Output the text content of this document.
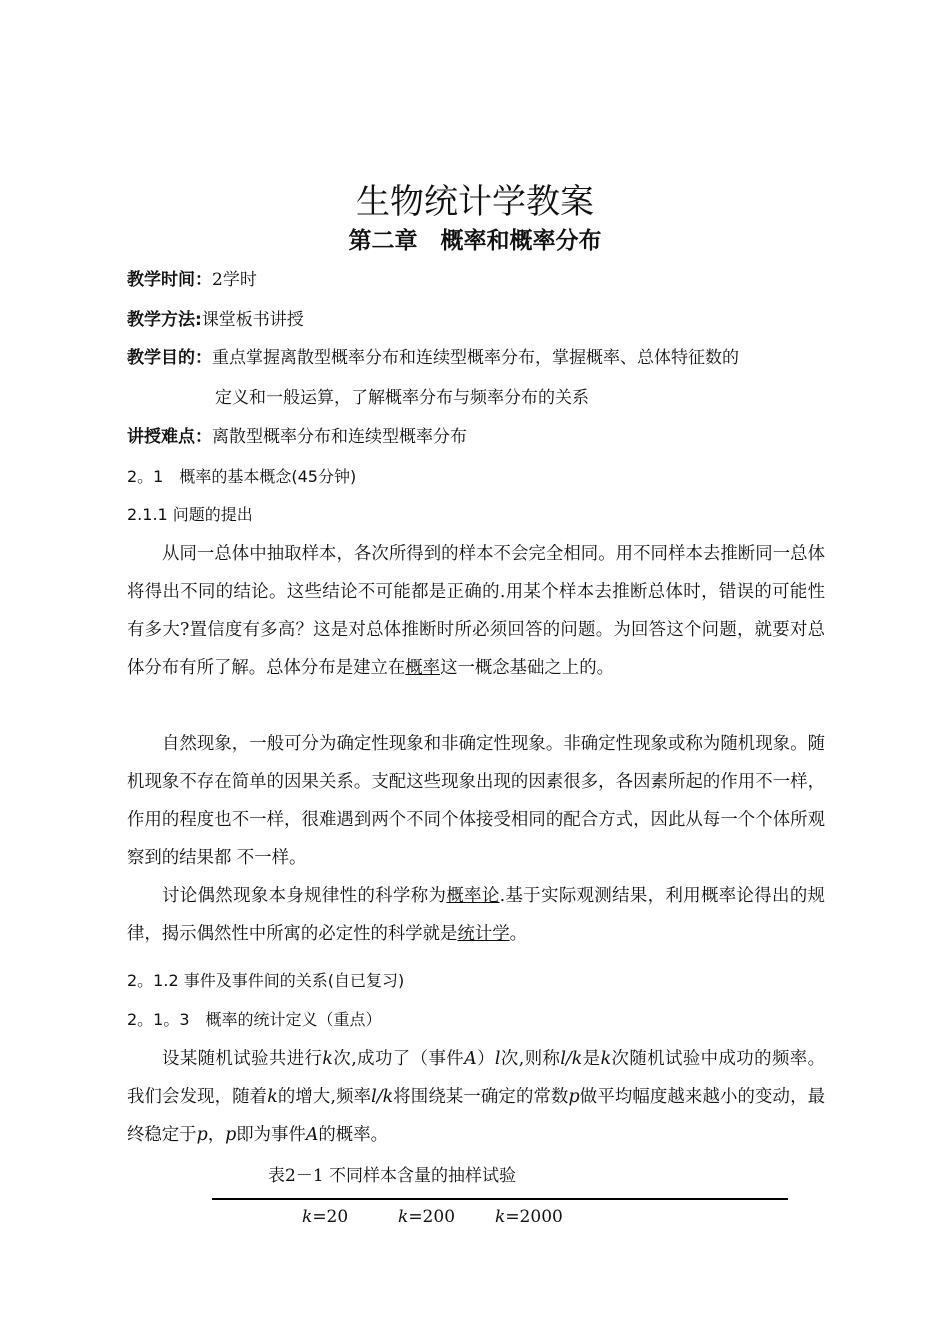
生物统计学教案
第二章　概率和概率分布
教学时间：2学时
教学方法:课堂板书讲授
教学目的：重点掌握离散型概率分布和连续型概率分布，掌握概率、总体特征数的
定义和一般运算，了解概率分布与频率分布的关系
讲授难点：离散型概率分布和连续型概率分布
2。1　概率的基本概念(45分钟)
2.1.1 问题的提出

从同一总体中抽取样本，各次所得到的样本不会完全相同。用不同样本去推断同一总体将得出不同的结论。这些结论不可能都是正确的.用某个样本去推断总体时，错误的可能性有多大?置信度有多高？这是对总体推断时所必须回答的问题。为回答这个问题，就要对总体分布有所了解。总体分布是建立在概率这一概念基础之上的。

自然现象，一般可分为确定性现象和非确定性现象。非确定性现象或称为随机现象。随机现象不存在简单的因果关系。支配这些现象出现的因素很多，各因素所起的作用不一样，作用的程度也不一样，很难遇到两个不同个体接受相同的配合方式，因此从每一个个体所观察到的结果都 不一样。

讨论偶然现象本身规律性的科学称为概率论.基于实际观测结果，利用概率论得出的规律，揭示偶然性中所寓的必定性的科学就是统计学。

2。1.2 事件及事件间的关系(自已复习)
2。1。3　概率的统计定义（重点）

设某随机试验共进行k次,成功了（事件A）l次,则称l/k是k次随机试验中成功的频率。我们会发现，随着k的增大,频率l/k将围绕某一确定的常数p做平均幅度越来越小的变动，最终稳定于p，p即为事件A的概率。

表2－1 不同样本含量的抽样试验
k=20	k=200 k=2000
